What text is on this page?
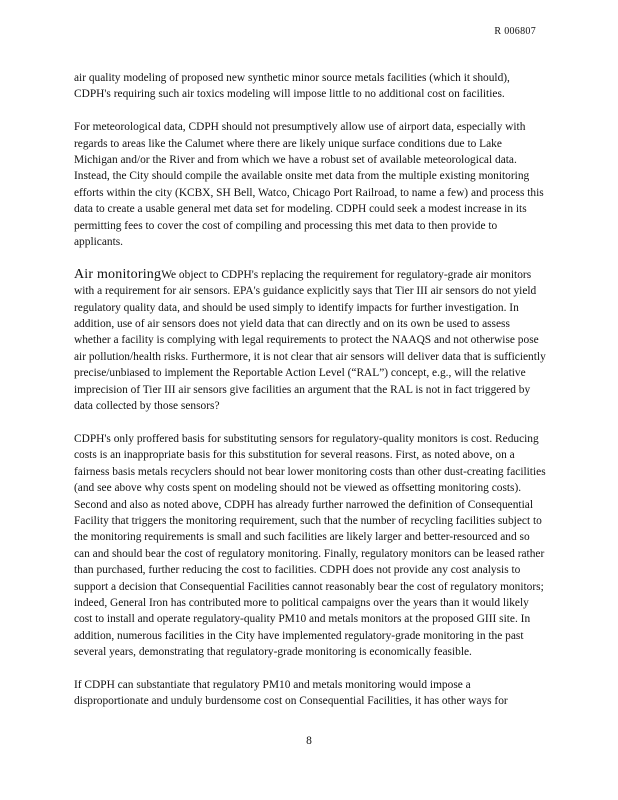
R 006807

air quality modeling of proposed new synthetic minor source metals facilities (which it should), CDPH's requiring such air toxics modeling will impose little to no additional cost on facilities.

For meteorological data, CDPH should not presumptively allow use of airport data, especially with regards to areas like the Calumet where there are likely unique surface conditions due to Lake Michigan and/or the River and from which we have a robust set of available meteorological data. Instead, the City should compile the available onsite met data from the multiple existing monitoring efforts within the city (KCBX, SH Bell, Watco, Chicago Port Railroad, to name a few) and process this data to create a usable general met data set for modeling. CDPH could seek a modest increase in its permitting fees to cover the cost of compiling and processing this met data to then provide to applicants.

Air monitoringWe object to CDPH's replacing the requirement for regulatory-grade air monitors with a requirement for air sensors. EPA's guidance explicitly says that Tier III air sensors do not yield regulatory quality data, and should be used simply to identify impacts for further investigation. In addition, use of air sensors does not yield data that can directly and on its own be used to assess whether a facility is complying with legal requirements to protect the NAAQS and not otherwise pose air pollution/health risks. Furthermore, it is not clear that air sensors will deliver data that is sufficiently precise/unbiased to implement the Reportable Action Level (“RAL”) concept, e.g., will the relative imprecision of Tier III air sensors give facilities an argument that the RAL is not in fact triggered by data collected by those sensors?

CDPH's only proffered basis for substituting sensors for regulatory-quality monitors is cost. Reducing costs is an inappropriate basis for this substitution for several reasons. First, as noted above, on a fairness basis metals recyclers should not bear lower monitoring costs than other dust-creating facilities (and see above why costs spent on modeling should not be viewed as offsetting monitoring costs). Second and also as noted above, CDPH has already further narrowed the definition of Consequential Facility that triggers the monitoring requirement, such that the number of recycling facilities subject to the monitoring requirements is small and such facilities are likely larger and better-resourced and so can and should bear the cost of regulatory monitoring. Finally, regulatory monitors can be leased rather than purchased, further reducing the cost to facilities. CDPH does not provide any cost analysis to support a decision that Consequential Facilities cannot reasonably bear the cost of regulatory monitors; indeed, General Iron has contributed more to political campaigns over the years than it would likely cost to install and operate regulatory-quality PM10 and metals monitors at the proposed GIII site. In addition, numerous facilities in the City have implemented regulatory-grade monitoring in the past several years, demonstrating that regulatory-grade monitoring is economically feasible.

If CDPH can substantiate that regulatory PM10 and metals monitoring would impose a disproportionate and unduly burdensome cost on Consequential Facilities, it has other ways for

8
